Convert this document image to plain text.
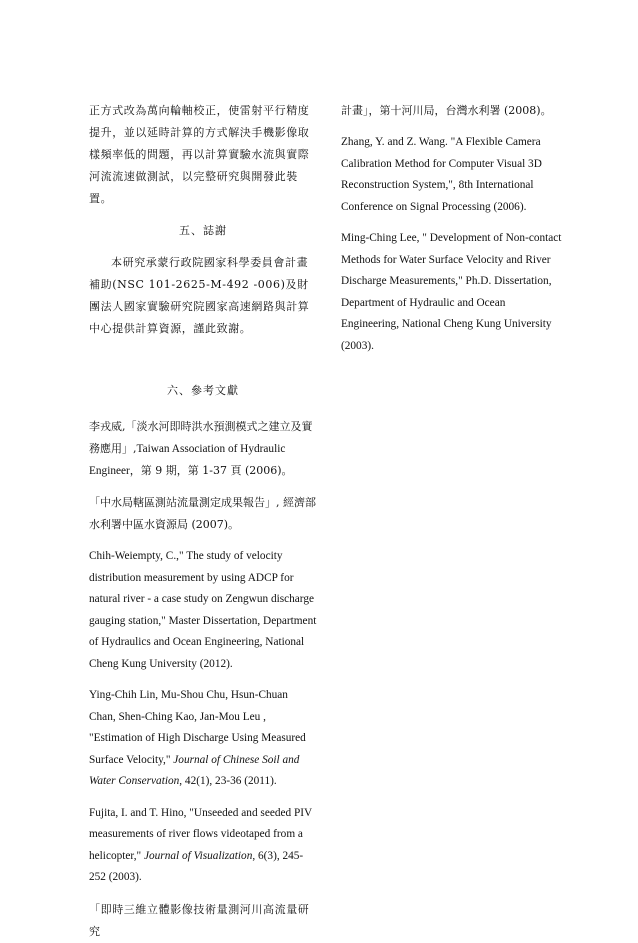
正方式改為萬向輪軸校正，使雷射平行精度提升，並以延時計算的方式解決手機影像取樣頻率低的問題，再以計算實驗水流與實際河流流速做測試，以完整研究與開發此裝置。

五、誌謝

本研究承蒙行政院國家科學委員會計畫補助(NSC 101-2625-M-492 -006)及財團法人國家實驗研究院國家高速網路與計算中心提供計算資源，謹此致謝。

六、參考文獻

李戎威,「淡水河即時洪水預測模式之建立及實務應用」,Taiwan Association of Hydraulic Engineer，第 9 期，第 1-37 頁 (2006)。

「中水局轄區測站流量測定成果報告」, 經濟部水利署中區水資源局 (2007)。

Chih-Weiempty, C.," The study of velocity distribution measurement by using ADCP for natural river - a case study on Zengwun discharge gauging station," Master Dissertation, Department of Hydraulics and Ocean Engineering, National Cheng Kung University (2012).

Ying-Chih Lin, Mu-Shou Chu, Hsun-Chuan Chan, Shen-Ching Kao, Jan-Mou Leu , "Estimation of High Discharge Using Measured Surface Velocity," Journal of Chinese Soil and Water Conservation, 42(1), 23-36 (2011).

Fujita, I. and T. Hino, "Unseeded and seeded PIV measurements of river flows videotaped from a helicopter," Journal of Visualization, 6(3), 245-252 (2003).

「即時三維立體影像技術量測河川高流量研究

計畫」，第十河川局，台灣水利署 (2008)。

Zhang, Y. and Z. Wang. "A Flexible Camera Calibration Method for Computer Visual 3D Reconstruction System,", 8th International Conference on Signal Processing (2006).

Ming-Ching Lee, " Development of Non-contact Methods for Water Surface Velocity and River Discharge Measurements," Ph.D. Dissertation, Department of Hydraulic and Ocean Engineering, National Cheng Kung University (2003).
